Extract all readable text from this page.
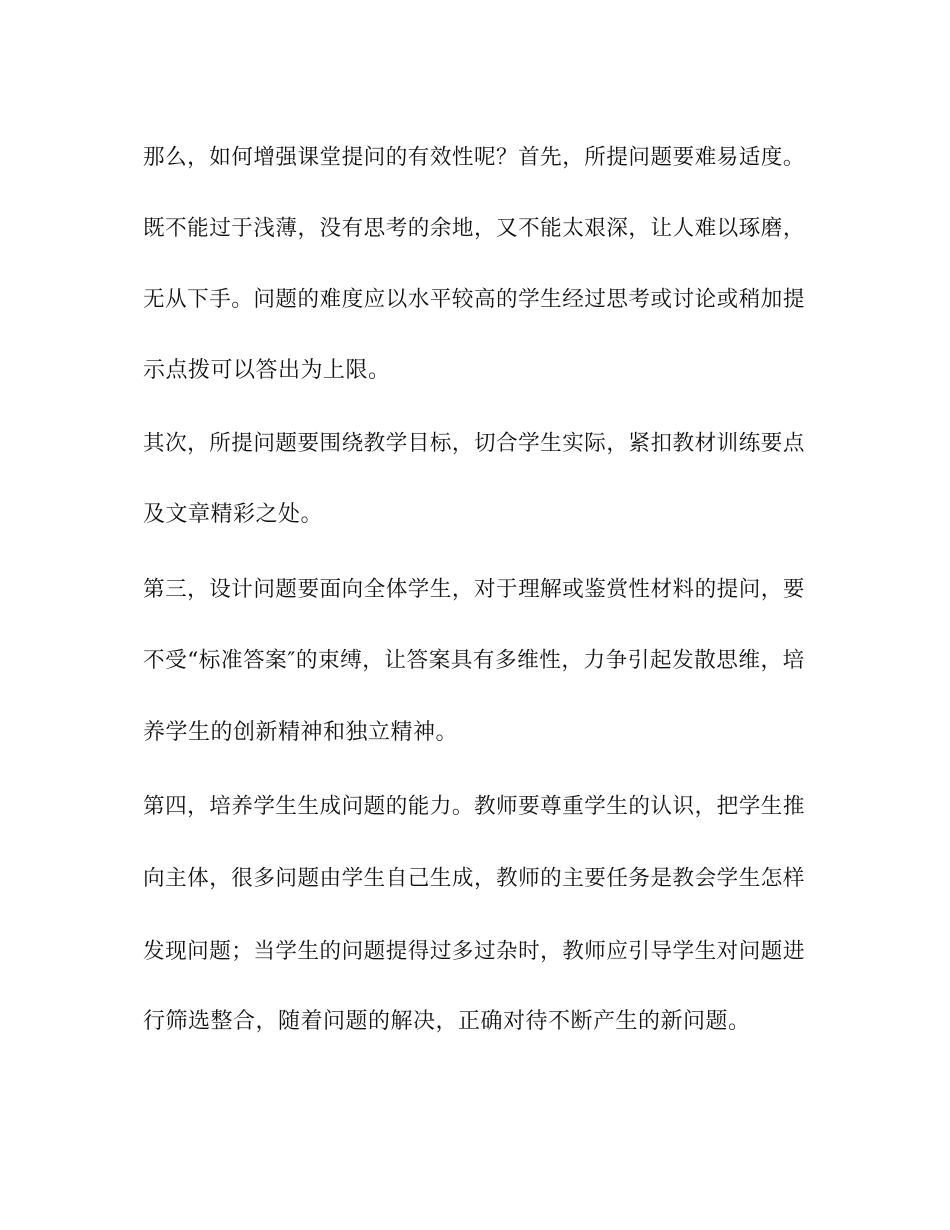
那么，如何增强课堂提问的有效性呢？首先，所提问题要难易适度。
既不能过于浅薄，没有思考的余地，又不能太艰深，让人难以琢磨，
无从下手。问题的难度应以水平较高的学生经过思考或讨论或稍加提
示点拨可以答出为上限。
其次，所提问题要围绕教学目标，切合学生实际，紧扣教材训练要点
及文章精彩之处。
第三，设计问题要面向全体学生，对于理解或鉴赏性材料的提问，要
不受“标准答案″的束缚，让答案具有多维性，力争引起发散思维，培
养学生的创新精神和独立精神。
第四，培养学生生成问题的能力。教师要尊重学生的认识，把学生推
向主体，很多问题由学生自己生成，教师的主要任务是教会学生怎样
发现问题；当学生的问题提得过多过杂时，教师应引导学生对问题进
行筛选整合，随着问题的解决，正确对待不断产生的新问题。
